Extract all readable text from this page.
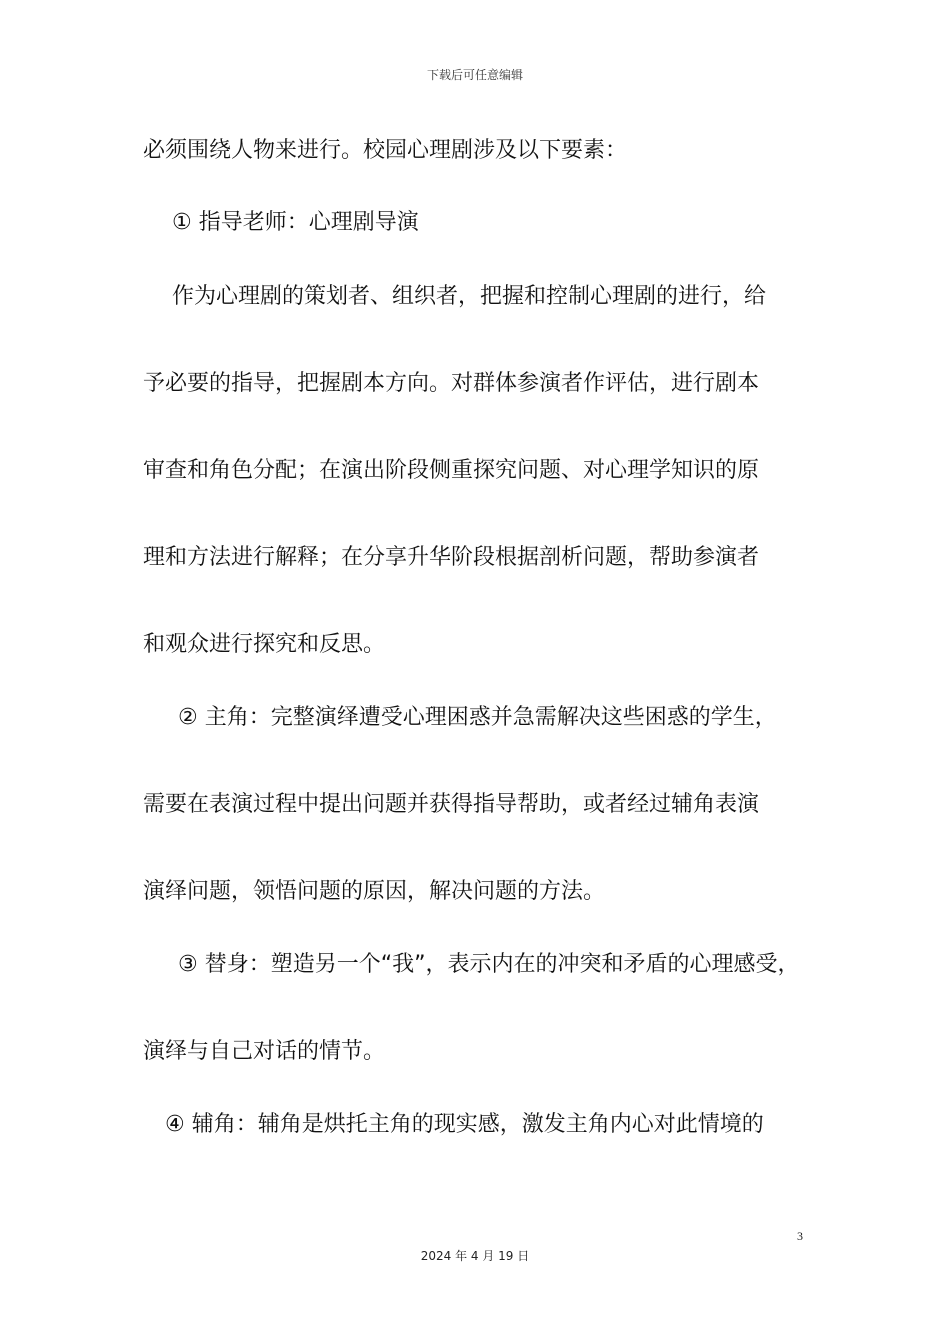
下载后可任意编辑
必须围绕人物来进行。校园心理剧涉及以下要素：
① 指导老师：心理剧导演
作为心理剧的策划者、组织者，把握和控制心理剧的进行，给
予必要的指导，把握剧本方向。对群体参演者作评估，进行剧本
审查和角色分配；在演出阶段侧重探究问题、对心理学知识的原
理和方法进行解释；在分享升华阶段根据剖析问题，帮助参演者
和观众进行探究和反思。
② 主角：完整演绎遭受心理困惑并急需解决这些困惑的学生，
需要在表演过程中提出问题并获得指导帮助，或者经过辅角表演
演绎问题，领悟问题的原因，解决问题的方法。
③ 替身：塑造另一个“我”，表示内在的冲突和矛盾的心理感受，
演绎与自己对话的情节。
④ 辅角：辅角是烘托主角的现实感，激发主角内心对此情境的
3
2024 年 4 月 19 日
